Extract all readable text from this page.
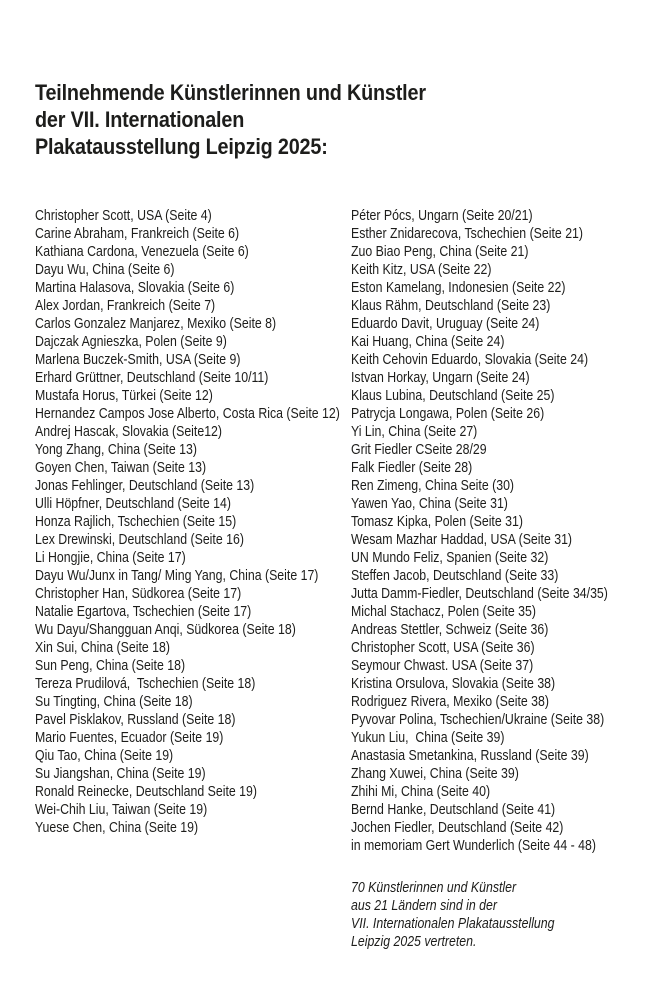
Teilnehmende Künstlerinnen und Künstler
der VII. Internationalen
Plakatausstellung Leipzig 2025:
Christopher Scott, USA (Seite 4)
Carine Abraham, Frankreich (Seite 6)
Kathiana Cardona, Venezuela (Seite 6)
Dayu Wu, China (Seite 6)
Martina Halasova, Slovakia (Seite 6)
Alex Jordan, Frankreich (Seite 7)
Carlos Gonzalez Manjarez, Mexiko (Seite 8)
Dajczak Agnieszka, Polen (Seite 9)
Marlena Buczek-Smith, USA (Seite 9)
Erhard Grüttner, Deutschland (Seite 10/11)
Mustafa Horus, Türkei (Seite 12)
Hernandez Campos Jose Alberto, Costa Rica (Seite 12)
Andrej Hascak, Slovakia (Seite12)
Yong Zhang, China (Seite 13)
Goyen Chen, Taiwan (Seite 13)
Jonas Fehlinger, Deutschland (Seite 13)
Ulli Höpfner, Deutschland (Seite 14)
Honza Rajlich, Tschechien (Seite 15)
Lex Drewinski, Deutschland (Seite 16)
Li Hongjie, China (Seite 17)
Dayu Wu/Junx in Tang/ Ming Yang, China (Seite 17)
Christopher Han, Südkorea (Seite 17)
Natalie Egartova, Tschechien (Seite 17)
Wu Dayu/Shangguan Anqi, Südkorea (Seite 18)
Xin Sui, China (Seite 18)
Sun Peng, China (Seite 18)
Tereza Prudilová,  Tschechien (Seite 18)
Su Tingting, China (Seite 18)
Pavel Pisklakov, Russland (Seite 18)
Mario Fuentes, Ecuador (Seite 19)
Qiu Tao, China (Seite 19)
Su Jiangshan, China (Seite 19)
Ronald Reinecke, Deutschland Seite 19)
Wei-Chih Liu, Taiwan (Seite 19)
Yuese Chen, China (Seite 19)
Péter Pócs, Ungarn (Seite 20/21)
Esther Znidarecova, Tschechien (Seite 21)
Zuo Biao Peng, China (Seite 21)
Keith Kitz, USA (Seite 22)
Eston Kamelang, Indonesien (Seite 22)
Klaus Rähm, Deutschland (Seite 23)
Eduardo Davit, Uruguay (Seite 24)
Kai Huang, China (Seite 24)
Keith Cehovin Eduardo, Slovakia (Seite 24)
Istvan Horkay, Ungarn (Seite 24)
Klaus Lubina, Deutschland (Seite 25)
Patrycja Longawa, Polen (Seite 26)
Yi Lin, China (Seite 27)
Grit Fiedler CSeite 28/29
Falk Fiedler (Seite 28)
Ren Zimeng, China Seite (30)
Yawen Yao, China (Seite 31)
Tomasz Kipka, Polen (Seite 31)
Wesam Mazhar Haddad, USA (Seite 31)
UN Mundo Feliz, Spanien (Seite 32)
Steffen Jacob, Deutschland (Seite 33)
Jutta Damm-Fiedler, Deutschland (Seite 34/35)
Michal Stachacz, Polen (Seite 35)
Andreas Stettler, Schweiz (Seite 36)
Christopher Scott, USA (Seite 36)
Seymour Chwast. USA (Seite 37)
Kristina Orsulova, Slovakia (Seite 38)
Rodriguez Rivera, Mexiko (Seite 38)
Pyvovar Polina, Tschechien/Ukraine (Seite 38)
Yukun Liu,  China (Seite 39)
Anastasia Smetankina, Russland (Seite 39)
Zhang Xuwei, China (Seite 39)
Zhihi Mi, China (Seite 40)
Bernd Hanke, Deutschland (Seite 41)
Jochen Fiedler, Deutschland (Seite 42)
in memoriam Gert Wunderlich (Seite 44 - 48)
70 Künstlerinnen und Künstler
aus 21 Ländern sind in der
VII. Internationalen Plakatausstellung
Leipzig 2025 vertreten.
